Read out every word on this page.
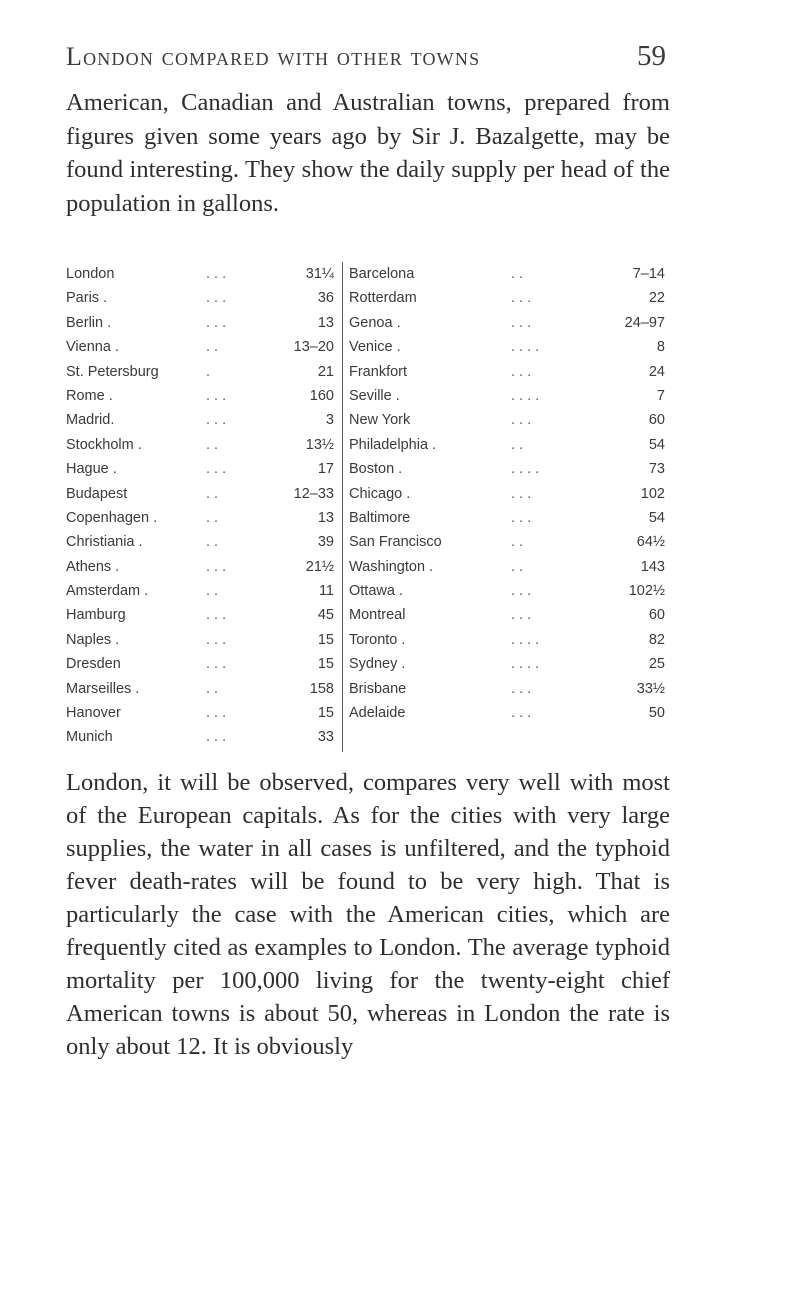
London compared with other towns	59

American, Canadian and Australian towns, prepared from figures given some years ago by Sir J. Bazalgette, may be found interesting. They show the daily supply per head of the population in gallons.

London	. . .	31¼
Paris .	. . .	36
Berlin .	. . .	13
Vienna .	. .	13–20
St. Petersburg	.	21
Rome .	. . .	160
Madrid.	. . .	3
Stockholm .	. .	13½
Hague .	. . .	17
Budapest	. .	12–33
Copenhagen .	. .	13
Christiania .	. .	39
Athens .	. . .	21½
Amsterdam .	. .	11
Hamburg	. . .	45
Naples .	. . .	15
Dresden	. . .	15
Marseilles .	. .	158
Hanover	. . .	15
Munich	. . .	33
Barcelona	. .	7–14
Rotterdam	. . .	22
Genoa .	. . .	24–97
Venice .	. . . .	8
Frankfort	. . .	24
Seville .	. . . .	7
New York	. . .	60
Philadelphia .	. .	54
Boston .	. . . .	73
Chicago .	. . .	102
Baltimore	. . .	54
San Francisco	. .	64½
Washington .	. .	143
Ottawa .	. . .	102½
Montreal	. . .	60
Toronto .	. . . .	82
Sydney .	. . . .	25
Brisbane	. . .	33½
Adelaide	. . .	50

London, it will be observed, compares very well with most of the European capitals. As for the cities with very large supplies, the water in all cases is unfiltered, and the typhoid fever death-rates will be found to be very high. That is particularly the case with the American cities, which are frequently cited as examples to London. The average typhoid mortality per 100,000 living for the twenty-eight chief American towns is about 50, whereas in London the rate is only about 12. It is obviously
